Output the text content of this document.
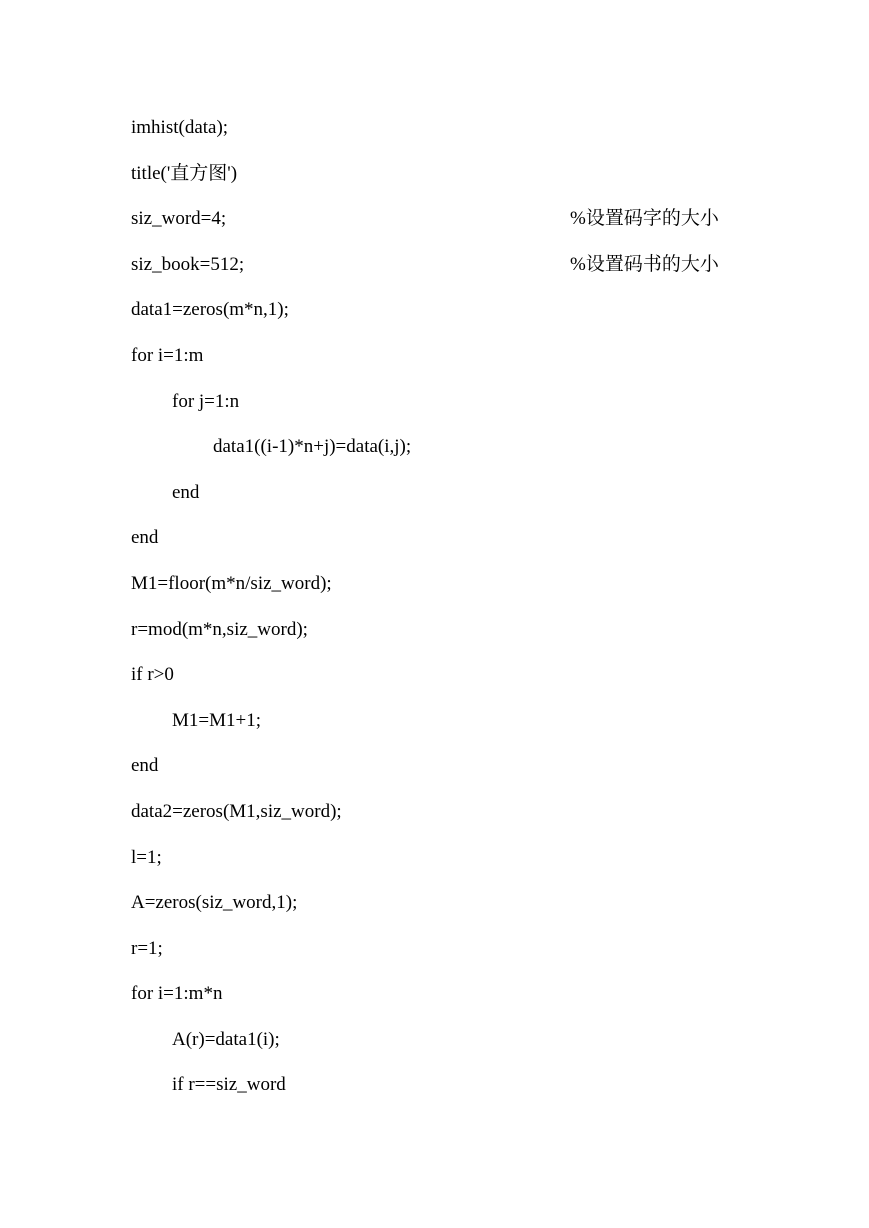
imhist(data);
title('直方图')
siz_word=4;	%设置码字的大小
siz_book=512;	%设置码书的大小
data1=zeros(m*n,1);
for i=1:m
for j=1:n
data1((i-1)*n+j)=data(i,j);
end
end
M1=floor(m*n/siz_word);
r=mod(m*n,siz_word);
if r>0
M1=M1+1;
end
data2=zeros(M1,siz_word);
l=1;
A=zeros(siz_word,1);
r=1;
for i=1:m*n
A(r)=data1(i);
if r==siz_word
